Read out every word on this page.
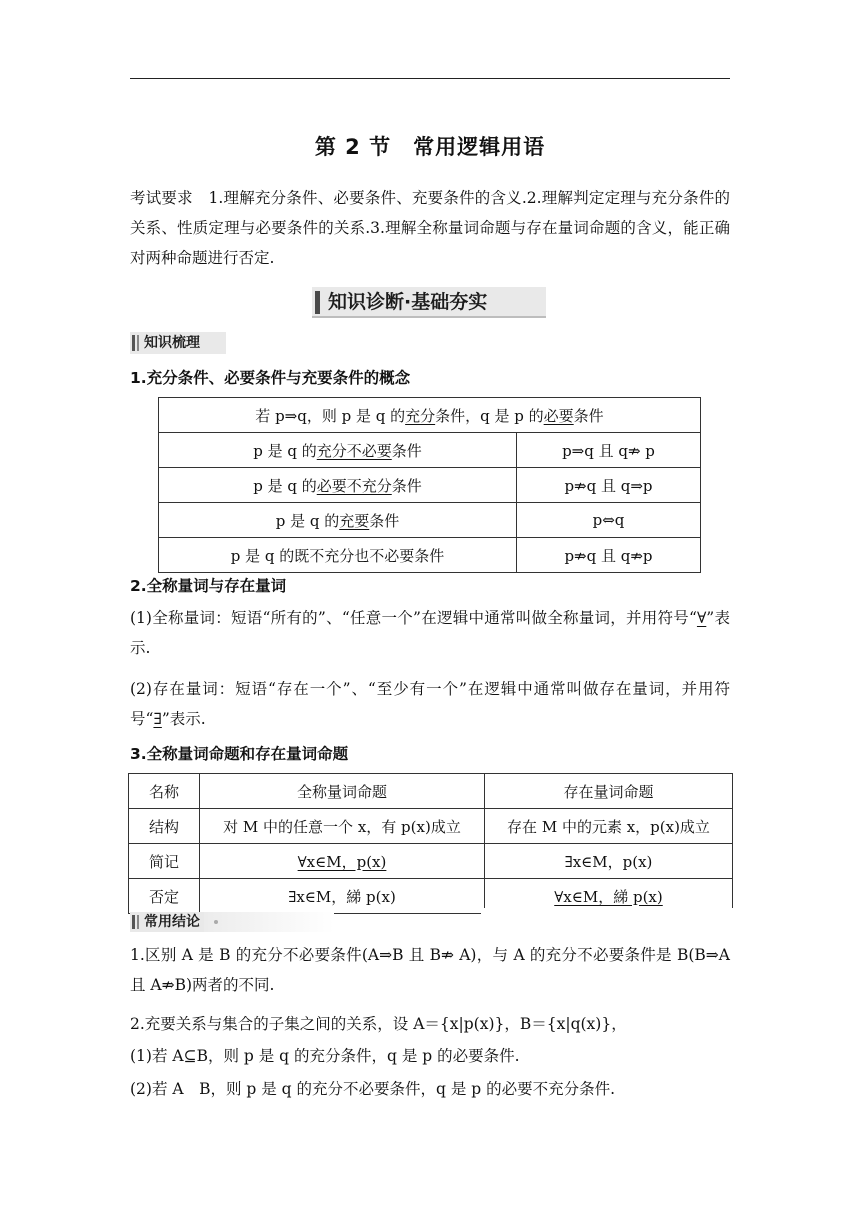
第 2 节 常用逻辑用语
考试要求　1.理解充分条件、必要条件、充要条件的含义.2.理解判定定理与充分条件的关系、性质定理与必要条件的关系.3.理解全称量词命题与存在量词命题的含义，能正确对两种命题进行否定.
知识诊断·基础夯实
知识梳理
1.充分条件、必要条件与充要条件的概念
若 p⇒q，则 p 是 q 的充分条件，q 是 p 的必要条件	
p 是 q 的充分不必要条件	p⇒q 且 q⇏ p
p 是 q 的必要不充分条件	p⇏q 且 q⇒p
p 是 q 的充要条件	p⇔q
p 是 q 的既不充分也不必要条件	p⇏q 且 q⇏p
2.全称量词与存在量词
(1)全称量词：短语“所有的”、“任意一个”在逻辑中通常叫做全称量词，并用符号“∀”表示.
(2)存在量词：短语“存在一个”、“至少有一个”在逻辑中通常叫做存在量词，并用符号“∃”表示.
3.全称量词命题和存在量词命题
名称	全称量词命题	存在量词命题
结构	对 M 中的任意一个 x，有 p(x)成立	存在 M 中的元素 x，p(x)成立
简记	∀x∈M，p(x)	∃x∈M，p(x)
否定	∃x∈M，綈 p(x)	∀x∈M，綈 p(x)
常用结论
1.区别 A 是 B 的充分不必要条件(A⇒B 且 B⇏ A)，与 A 的充分不必要条件是 B(B⇒A 且 A⇏B)两者的不同.
2.充要关系与集合的子集之间的关系，设 A＝{x|p(x)}，B＝{x|q(x)}，
(1)若 A⊆B，则 p 是 q 的充分条件，q 是 p 的必要条件.
(2)若 A　B，则 p 是 q 的充分不必要条件，q 是 p 的必要不充分条件.
